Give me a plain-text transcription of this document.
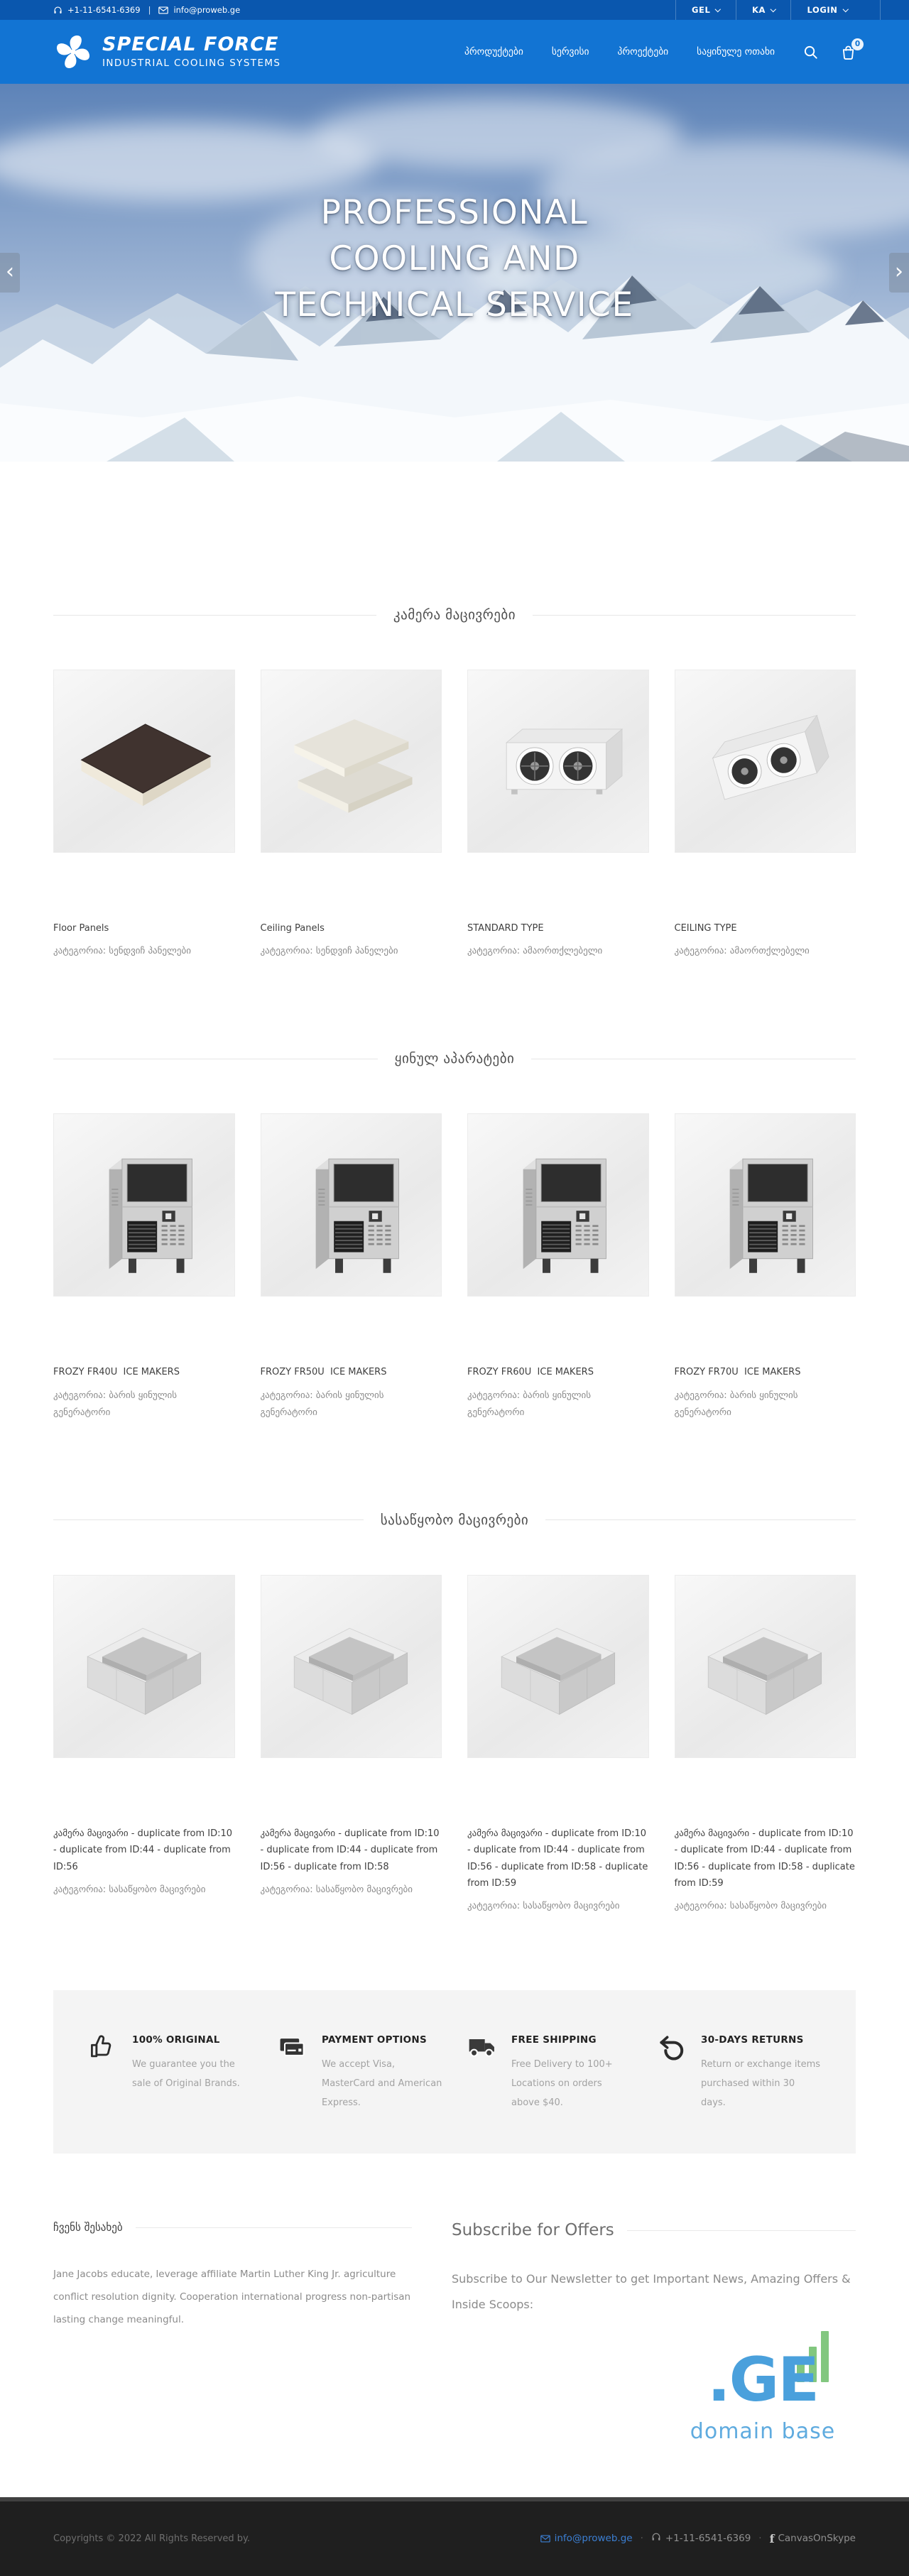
+1-11-6541-6369 |	info@proweb.ge	GEL	KA	LOGIN
SPECIAL FORCE
INDUSTRIAL COOLING SYSTEMS
პროდუქტები	სერვისი	პროექტები	საყინულე ოთახი
0
PROFESSIONAL COOLING AND TECHNICAL SERVICE
‹	›
კამერა მაცივრები
Floor Panels
კატეგორია: სენდვიჩ პანელები
Ceiling Panels
კატეგორია: სენდვიჩ პანელები
STANDARD TYPE
კატეგორია: ამაორთქლებელი
CEILING TYPE
კატეგორია: ამაორთქლებელი
ყინულ აპარატები
FROZY FR40U  ICE MAKERS
კატეგორია: ბარის ყინულის გენერატორი
FROZY FR50U  ICE MAKERS
კატეგორია: ბარის ყინულის გენერატორი
FROZY FR60U  ICE MAKERS
კატეგორია: ბარის ყინულის გენერატორი
FROZY FR70U  ICE MAKERS
კატეგორია: ბარის ყინულის გენერატორი
სასაწყობო მაცივრები
კამერა მაცივარი - duplicate from ID:10 - duplicate from ID:44 - duplicate from ID:56
კატეგორია: სასაწყობო მაცივრები
კამერა მაცივარი - duplicate from ID:10 - duplicate from ID:44 - duplicate from ID:56 - duplicate from ID:58
კატეგორია: სასაწყობო მაცივრები
კამერა მაცივარი - duplicate from ID:10 - duplicate from ID:44 - duplicate from ID:56 - duplicate from ID:58 - duplicate from ID:59
კატეგორია: სასაწყობო მაცივრები
კამერა მაცივარი - duplicate from ID:10 - duplicate from ID:44 - duplicate from ID:56 - duplicate from ID:58 - duplicate from ID:59
კატეგორია: სასაწყობო მაცივრები
100% ORIGINAL
We guarantee you the sale of Original Brands.
PAYMENT OPTIONS
We accept Visa, MasterCard and American Express.
FREE SHIPPING
Free Delivery to 100+ Locations on orders above $40.
30-DAYS RETURNS
Return or exchange items purchased within 30 days.
ჩვენს შესახებ

Jane Jacobs educate, leverage affiliate Martin Luther King Jr. agriculture conflict resolution dignity. Cooperation international progress non-partisan lasting change meaningful.

Subscribe for Offers

Subscribe to Our Newsletter to get Important News, Amazing Offers & Inside Scoops:

.GE
domain base
Copyrights © 2022 All Rights Reserved by.	info@proweb.ge · +1-11-6541-6369 · f CanvasOnSkype
